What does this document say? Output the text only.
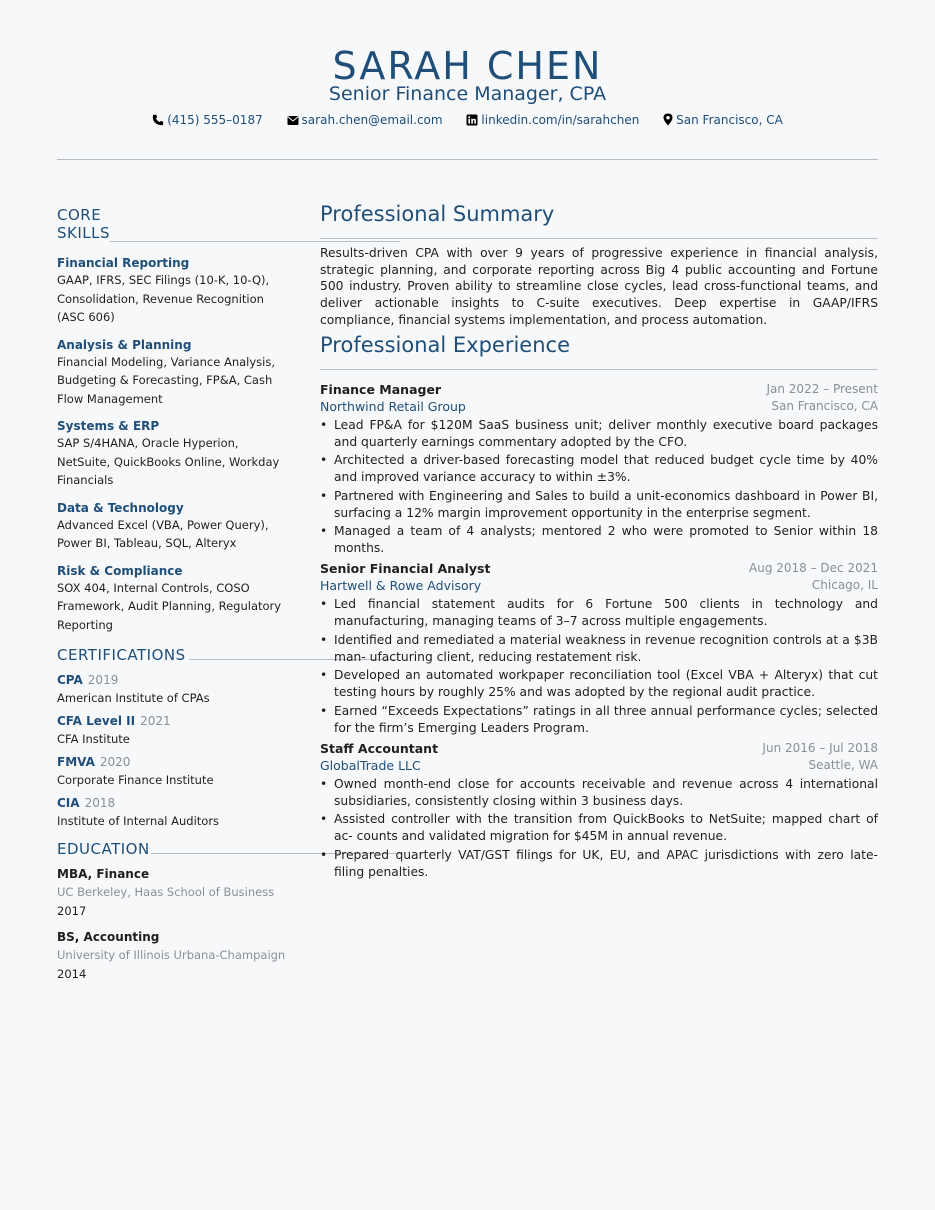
SARAH CHEN
Senior Finance Manager, CPA
(415) 555–0187	sarah.chen@email.com	linkedin.com/in/sarahchen	San Francisco, CA
CORE
SKILLS
Financial Reporting
GAAP, IFRS, SEC Filings (10-K, 10-Q), Consolidation, Revenue Recognition (ASC 606)
Analysis & Planning
Financial Modeling, Variance Analysis, Budgeting & Forecasting, FP&A, Cash Flow Management
Systems & ERP
SAP S/4HANA, Oracle Hyperion, NetSuite, QuickBooks Online, Workday Financials
Data & Technology
Advanced Excel (VBA, Power Query), Power BI, Tableau, SQL, Alteryx
Risk & Compliance
SOX 404, Internal Controls, COSO Framework, Audit Planning, Regulatory Reporting
CERTIFICATIONS
CPA 2019
American Institute of CPAs
CFA Level II 2021
CFA Institute
FMVA 2020
Corporate Finance Institute
CIA 2018
Institute of Internal Auditors
EDUCATION
MBA, Finance
UC Berkeley, Haas School of Business
2017
BS, Accounting
University of Illinois Urbana-Champaign
2014
Professional Summary
Results-driven CPA with over 9 years of progressive experience in financial analysis, strategic planning, and corporate reporting across Big 4 public accounting and Fortune 500 industry. Proven ability to streamline close cycles, lead cross-functional teams, and deliver actionable insights to C-suite executives. Deep expertise in GAAP/IFRS compliance, financial systems implementation, and process automation.
Professional Experience
Finance Manager	Jan 2022 – Present
Northwind Retail Group	San Francisco, CA
• Lead FP&A for $120M SaaS business unit; deliver monthly executive board packages and quarterly earnings commentary adopted by the CFO.
• Architected a driver-based forecasting model that reduced budget cycle time by 40% and improved variance accuracy to within ±3%.
• Partnered with Engineering and Sales to build a unit-economics dashboard in Power BI, surfacing a 12% margin improvement opportunity in the enterprise segment.
• Managed a team of 4 analysts; mentored 2 who were promoted to Senior within 18 months.
Senior Financial Analyst	Aug 2018 – Dec 2021
Hartwell & Rowe Advisory	Chicago, IL
• Led financial statement audits for 6 Fortune 500 clients in technology and manufacturing, managing teams of 3–7 across multiple engagements.
• Identified and remediated a material weakness in revenue recognition controls at a $3B man- ufacturing client, reducing restatement risk.
• Developed an automated workpaper reconciliation tool (Excel VBA + Alteryx) that cut testing hours by roughly 25% and was adopted by the regional audit practice.
• Earned “Exceeds Expectations” ratings in all three annual performance cycles; selected for the firm’s Emerging Leaders Program.
Staff Accountant	Jun 2016 – Jul 2018
GlobalTrade LLC	Seattle, WA
• Owned month-end close for accounts receivable and revenue across 4 international subsidiaries, consistently closing within 3 business days.
• Assisted controller with the transition from QuickBooks to NetSuite; mapped chart of ac- counts and validated migration for $45M in annual revenue.
• Prepared quarterly VAT/GST filings for UK, EU, and APAC jurisdictions with zero late-filing penalties.
